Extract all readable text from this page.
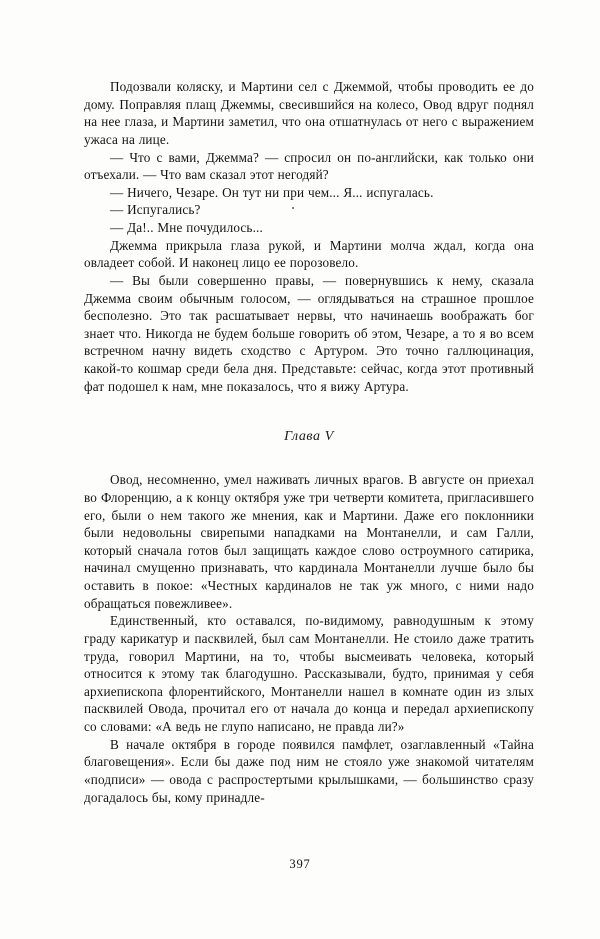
Подозвали коляску, и Мартини сел с Джеммой, чтобы проводить ее до дому. Поправляя плащ Джеммы, свесившийся на колесо, Овод вдруг поднял на нее глаза, и Мартини заметил, что она отшатнулась от него с выражением ужаса на лице.

— Что с вами, Джемма? — спросил он по-английски, как только они отъехали. — Что вам сказал этот негодяй?

— Ничего, Чезаре. Он тут ни при чем... Я... испугалась.

— Испугались?

— Да!.. Мне почудилось...

Джемма прикрыла глаза рукой, и Мартини молча ждал, когда она овладеет собой. И наконец лицо ее порозовело.

— Вы были совершенно правы, — повернувшись к нему, сказала Джемма своим обычным голосом, — оглядываться на страшное прошлое бесполезно. Это так расшатывает нервы, что начинаешь воображать бог знает что. Никогда не будем больше говорить об этом, Чезаре, а то я во всем встречном начну видеть сходство с Артуром. Это точно галлюцинация, какой-то кошмар среди бела дня. Представьте: сейчас, когда этот противный фат подошел к нам, мне показалось, что я вижу Артура.

Глава V

Овод, несомненно, умел наживать личных врагов. В августе он приехал во Флоренцию, а к концу октября уже три четверти комитета, пригласившего его, были о нем такого же мнения, как и Мартини. Даже его поклонники были недовольны свирепыми нападками на Монтанелли, и сам Галли, который сначала готов был защищать каждое слово остроумного сатирика, начинал смущенно признавать, что кардинала Монтанелли лучше было бы оставить в покое: «Честных кардиналов не так уж много, с ними надо обращаться повежливее».

Единственный, кто оставался, по-видимому, равнодушным к этому граду карикатур и пасквилей, был сам Монтанелли. Не стоило даже тратить труда, говорил Мартини, на то, чтобы высмеивать человека, который относится к этому так благодушно. Рассказывали, будто, принимая у себя архиепископа флорентийского, Монтанелли нашел в комнате один из злых пасквилей Овода, прочитал его от начала до конца и передал архиепископу со словами: «А ведь не глупо написано, не правда ли?»

В начале октября в городе появился памфлет, озаглавленный «Тайна благовещения». Если бы даже под ним не стояло уже знакомой читателям «подписи» — овода с распростертыми крылышками, — большинство сразу догадалось бы, кому принадле-

397
